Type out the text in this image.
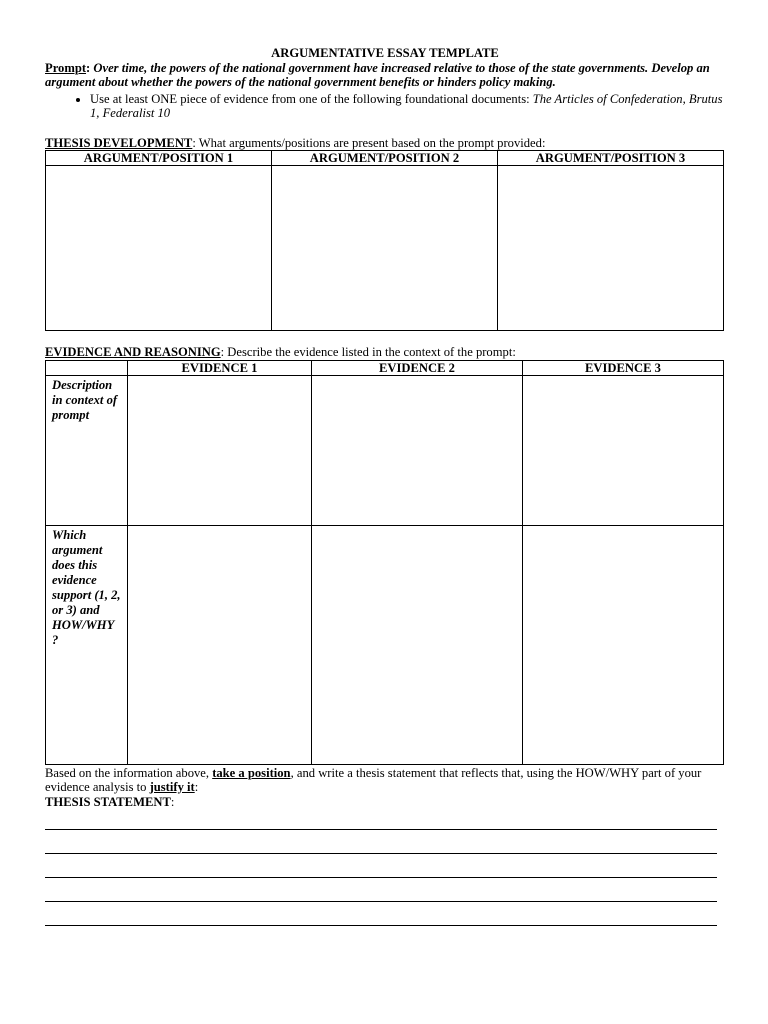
ARGUMENTATIVE ESSAY TEMPLATE
Prompt: Over time, the powers of the national government have increased relative to those of the state governments. Develop an argument about whether the powers of the national government benefits or hinders policy making.
• Use at least ONE piece of evidence from one of the following foundational documents: The Articles of Confederation, Brutus 1, Federalist 10
THESIS DEVELOPMENT: What arguments/positions are present based on the prompt provided:
ARGUMENT/POSITION 1	ARGUMENT/POSITION 2	ARGUMENT/POSITION 3

EVIDENCE AND REASONING: Describe the evidence listed in the context of the prompt:
	EVIDENCE 1	EVIDENCE 2	EVIDENCE 3
Description in context of prompt			
Which argument does this evidence support (1, 2, or 3) and HOW/WHY ?			
Based on the information above, take a position, and write a thesis statement that reflects that, using the HOW/WHY part of your evidence analysis to justify it:
THESIS STATEMENT:
